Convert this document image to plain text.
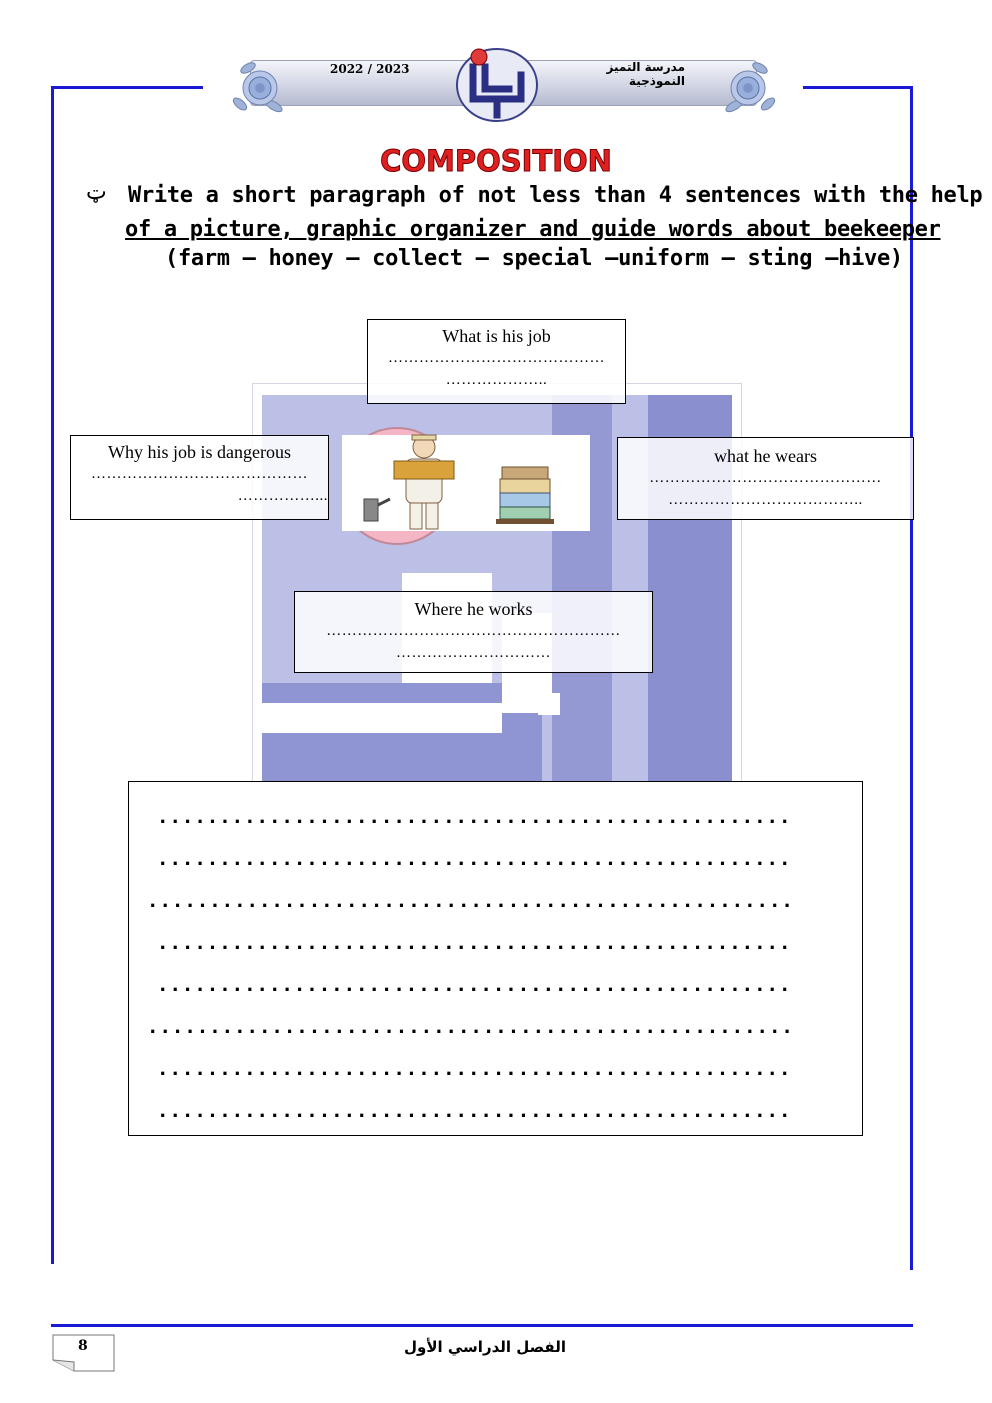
2022 / 2023	مدرسة التميز النموذجية
COMPOSITION
ټ Write a short paragraph of not less than 4 sentences with the help
of a picture, graphic organizer and guide words about beekeeper
(farm – honey – collect – special –uniform – sting –hive)
What is his job
……………………………………
………………..
Why his job is dangerous
……………………………………
……………...
what he wears
………………………………………
………………………………..
Where he works
…………………………………………………
…………………………
...................................................
...................................................
....................................................
...................................................
...................................................
....................................................
...................................................
...................................................
8	الفصل الدراسي الأول
